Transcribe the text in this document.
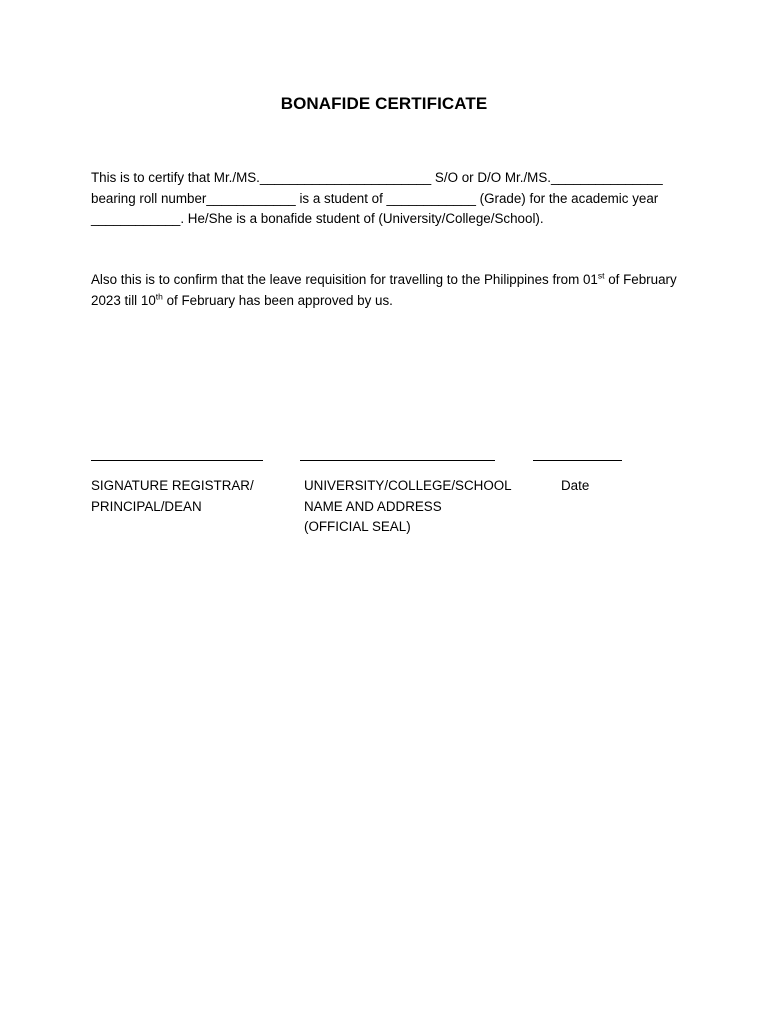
BONAFIDE CERTIFICATE

This is to certify that Mr./MS._______________________ S/O or D/O Mr./MS._______________ bearing roll number____________ is a student of ____________ (Grade) for the academic year ____________. He/She is a bonafide student of (University/College/School).

Also this is to confirm that the leave requisition for travelling to the Philippines from 01st of February 2023 till 10th of February has been approved by us.

SIGNATURE REGISTRAR/
PRINCIPAL/DEAN
UNIVERSITY/COLLEGE/SCHOOL
NAME AND ADDRESS
(OFFICIAL SEAL)
Date
